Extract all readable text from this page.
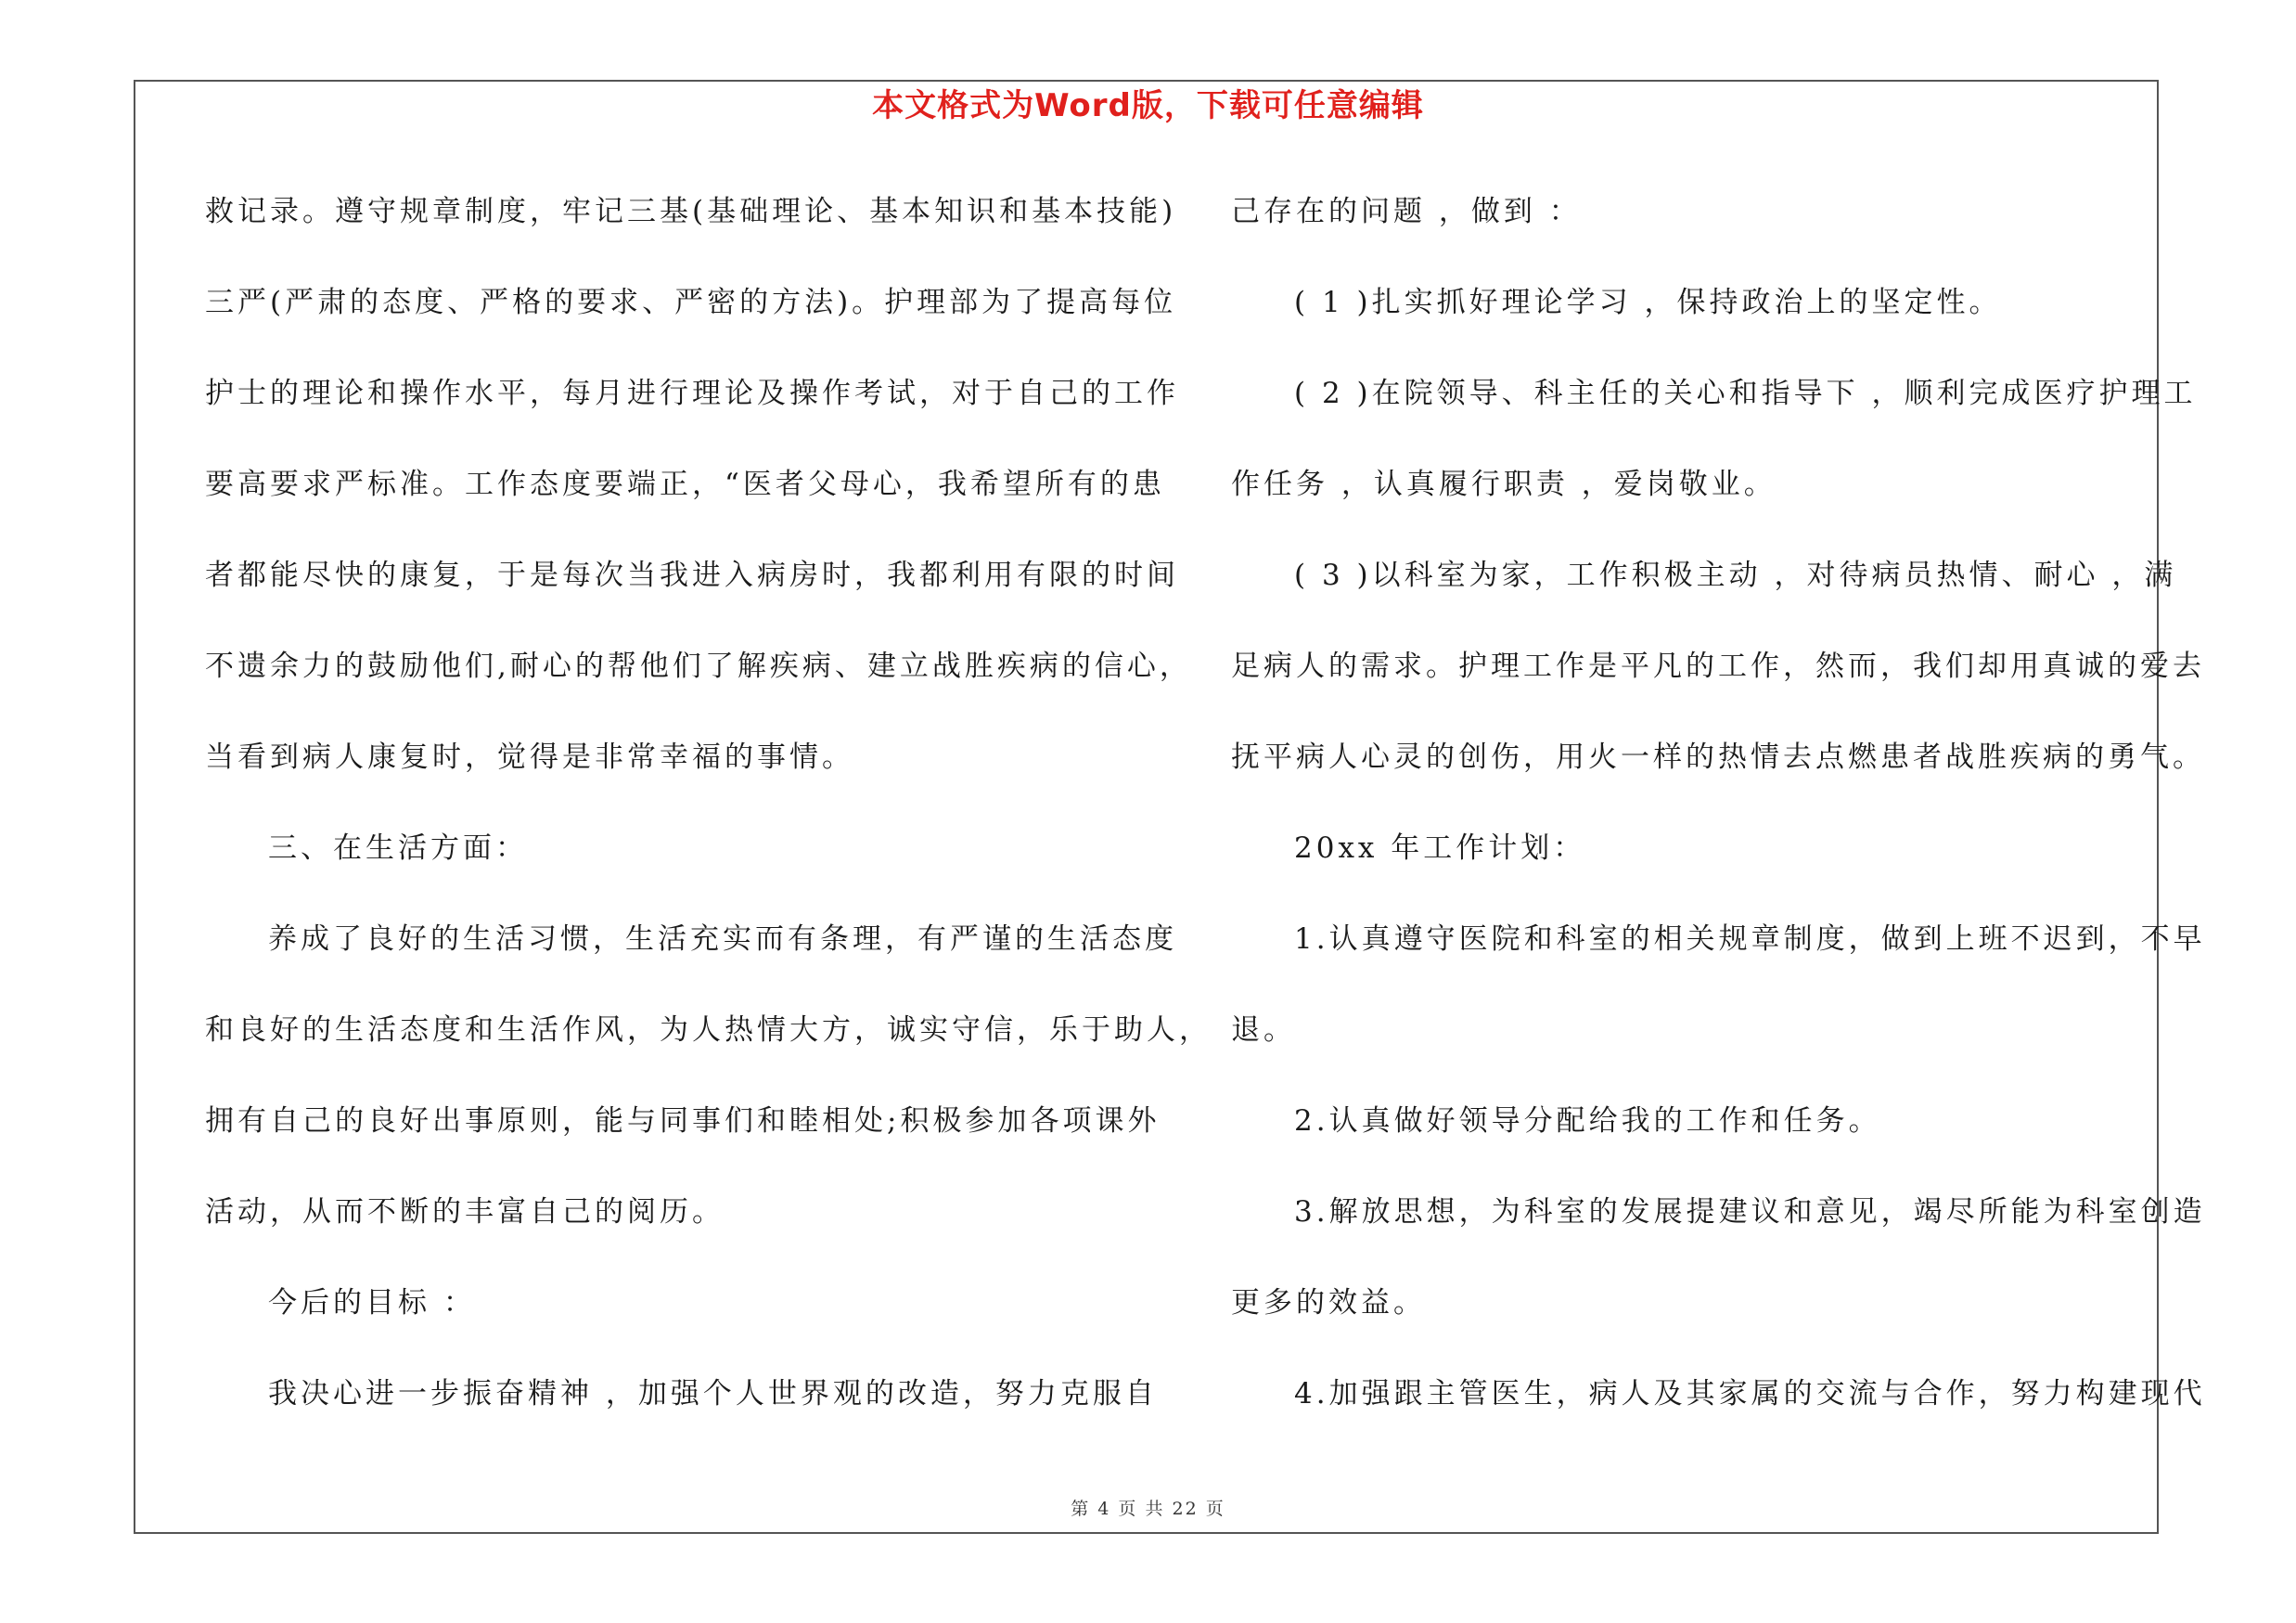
本文格式为Word版，下载可任意编辑
救记录。遵守规章制度，牢记三基(基础理论、基本知识和基本技能)
三严(严肃的态度、严格的要求、严密的方法)。护理部为了提高每位
护士的理论和操作水平，每月进行理论及操作考试，对于自己的工作
要高要求严标准。工作态度要端正，“医者父母心，我希望所有的患
者都能尽快的康复，于是每次当我进入病房时，我都利用有限的时间
不遗余力的鼓励他们,耐心的帮他们了解疾病、建立战胜疾病的信心，
当看到病人康复时，觉得是非常幸福的事情。
三、在生活方面：
养成了良好的生活习惯，生活充实而有条理，有严谨的生活态度
和良好的生活态度和生活作风，为人热情大方，诚实守信，乐于助人，
拥有自己的良好出事原则，能与同事们和睦相处;积极参加各项课外
活动，从而不断的丰富自己的阅历。
今后的目标 ：
我决心进一步振奋精神 ，加强个人世界观的改造，努力克服自
己存在的问题 ，做到 ：
( 1 )扎实抓好理论学习 ，保持政治上的坚定性。
( 2 )在院领导、科主任的关心和指导下 ，顺利完成医疗护理工
作任务 ，认真履行职责 ，爱岗敬业。
( 3 )以科室为家，工作积极主动 ，对待病员热情、耐心 ，满
足病人的需求。护理工作是平凡的工作，然而，我们却用真诚的爱去
抚平病人心灵的创伤，用火一样的热情去点燃患者战胜疾病的勇气。
20xx 年工作计划：
1.认真遵守医院和科室的相关规章制度，做到上班不迟到，不早
退。
2.认真做好领导分配给我的工作和任务。
3.解放思想，为科室的发展提建议和意见，竭尽所能为科室创造
更多的效益。
4.加强跟主管医生，病人及其家属的交流与合作，努力构建现代
第 4 页 共 22 页
